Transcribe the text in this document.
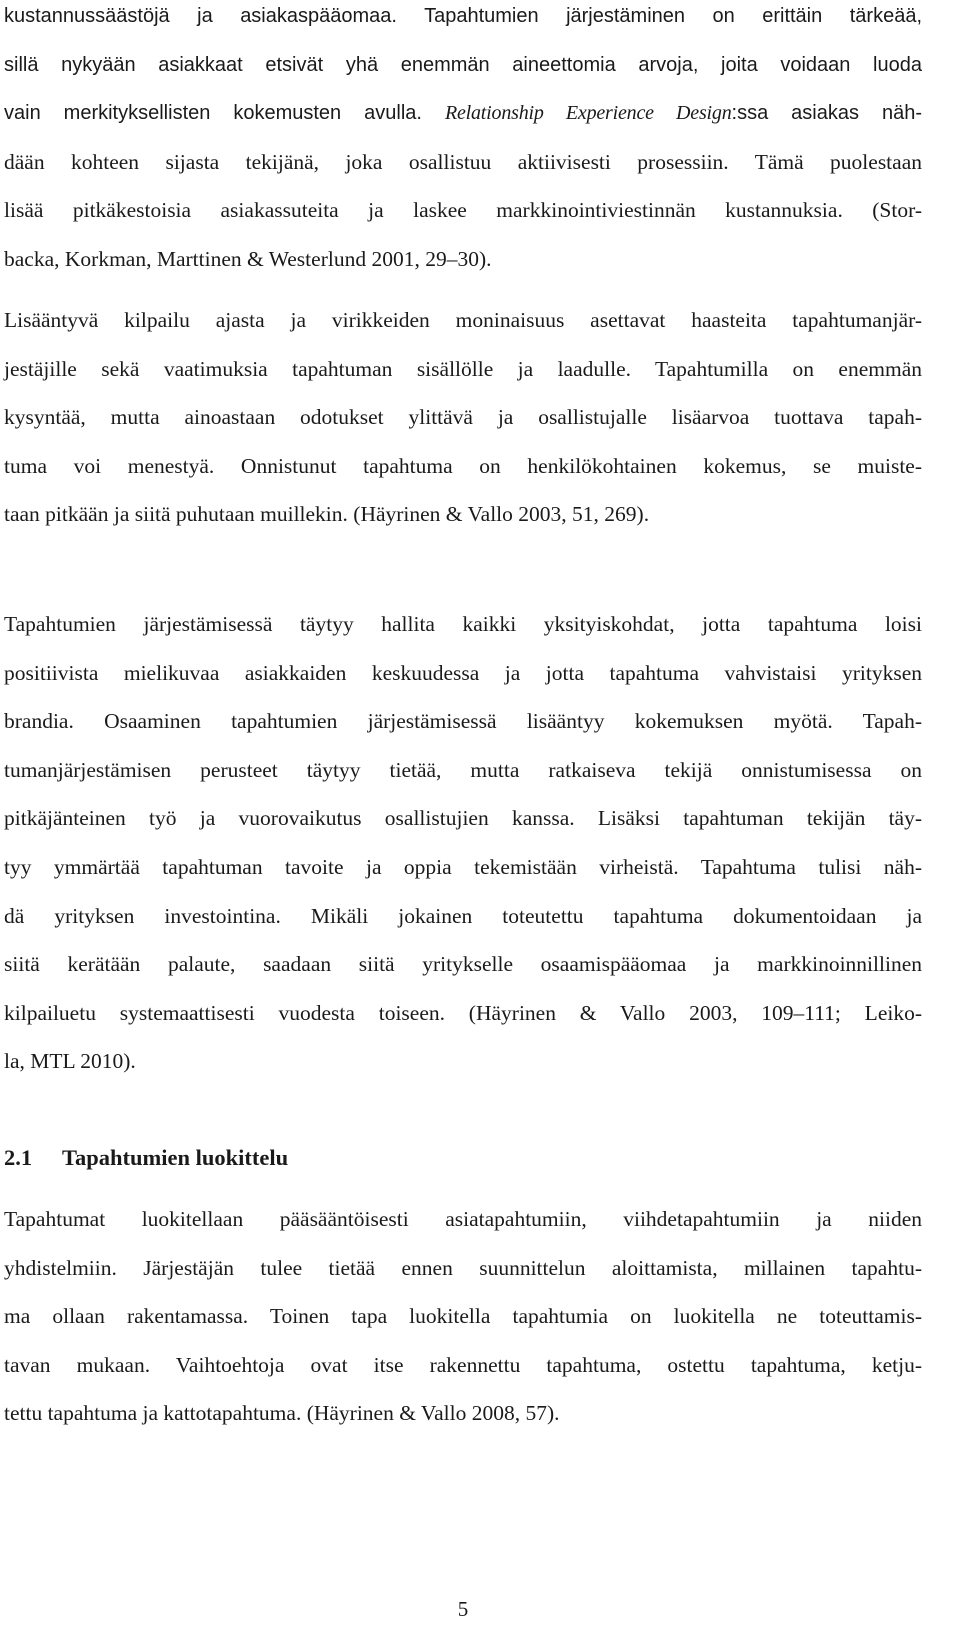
kustannussäästöjä ja asiakaspääomaa. Tapahtumien järjestäminen on erittäin tärkeää,
sillä nykyään asiakkaat etsivät yhä enemmän aineettomia arvoja, joita voidaan luoda
vain merkityksellisten kokemusten avulla. Relationship Experience Design:ssa asiakas näh-
dään kohteen sijasta tekijänä, joka osallistuu aktiivisesti prosessiin. Tämä puolestaan
lisää pitkäkestoisia asiakassuteita ja laskee markkinointiviestinnän kustannuksia. (Stor-
backa, Korkman, Marttinen & Westerlund 2001, 29–30).
Lisääntyvä kilpailu ajasta ja virikkeiden moninaisuus asettavat haasteita tapahtumanjär-
jestäjille sekä vaatimuksia tapahtuman sisällölle ja laadulle. Tapahtumilla on enemmän
kysyntää, mutta ainoastaan odotukset ylittävä ja osallistujalle lisäarvoa tuottava tapah-
tuma voi menestyä. Onnistunut tapahtuma on henkilökohtainen kokemus, se muiste-
taan pitkään ja siitä puhutaan muillekin. (Häyrinen & Vallo 2003, 51, 269).
Tapahtumien järjestämisessä täytyy hallita kaikki yksityiskohdat, jotta tapahtuma loisi
positiivista mielikuvaa asiakkaiden keskuudessa ja jotta tapahtuma vahvistaisi yrityksen
brandia. Osaaminen tapahtumien järjestämisessä lisääntyy kokemuksen myötä. Tapah-
tumanjärjestämisen perusteet täytyy tietää, mutta ratkaiseva tekijä onnistumisessa on
pitkäjänteinen työ ja vuorovaikutus osallistujien kanssa. Lisäksi tapahtuman tekijän täy-
tyy ymmärtää tapahtuman tavoite ja oppia tekemistään virheistä. Tapahtuma tulisi näh-
dä yrityksen investointina. Mikäli jokainen toteutettu tapahtuma dokumentoidaan ja
siitä kerätään palaute, saadaan siitä yritykselle osaamispääomaa ja markkinoinnillinen
kilpailuetu systemaattisesti vuodesta toiseen. (Häyrinen & Vallo 2003, 109–111; Leiko-
la, MTL 2010).
2.1 Tapahtumien luokittelu
Tapahtumat luokitellaan pääsääntöisesti asiatapahtumiin, viihdetapahtumiin ja niiden
yhdistelmiin. Järjestäjän tulee tietää ennen suunnittelun aloittamista, millainen tapahtu-
ma ollaan rakentamassa. Toinen tapa luokitella tapahtumia on luokitella ne toteuttamis-
tavan mukaan. Vaihtoehtoja ovat itse rakennettu tapahtuma, ostettu tapahtuma, ketju-
tettu tapahtuma ja kattotapahtuma. (Häyrinen & Vallo 2008, 57).
5
